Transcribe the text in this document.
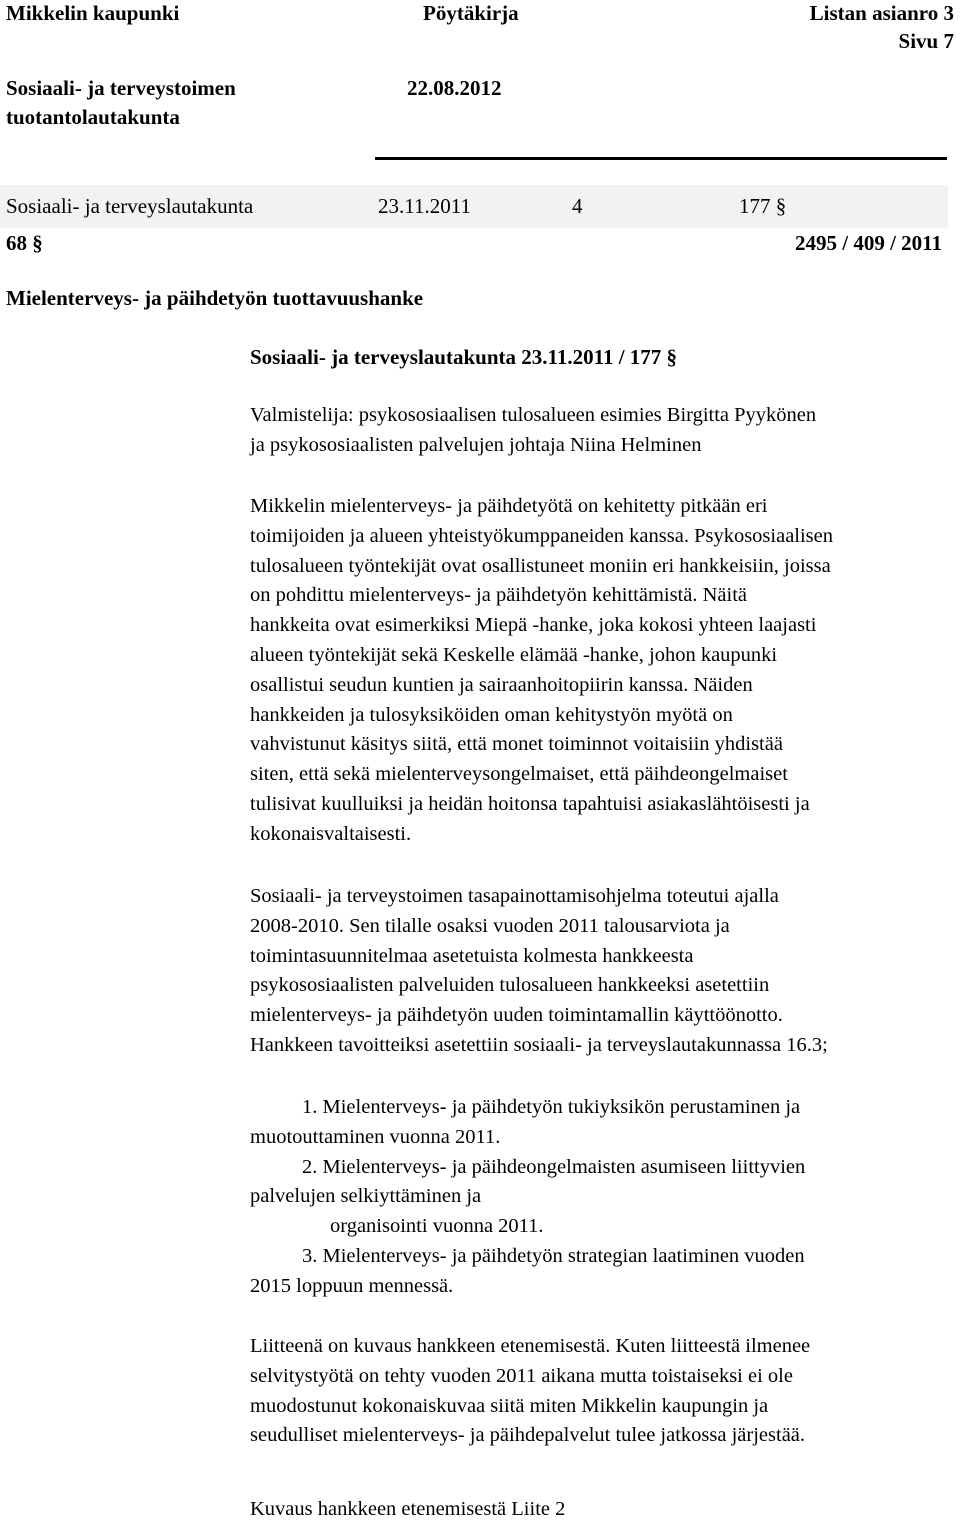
Mikkelin kaupunki	Pöytäkirja	Listan asianro 3
Sivu 7
Sosiaali- ja terveystoimen
tuotantolautakunta
22.08.2012
Sosiaali- ja terveyslautakunta	23.11.2011	4	177 §
68 §	2495 / 409 / 2011
Mielenterveys- ja päihdetyön tuottavuushanke
Sosiaali- ja terveyslautakunta 23.11.2011 / 177 §
Valmistelija: psykososiaalisen tulosalueen esimies Birgitta Pyykönen
ja psykososiaalisten palvelujen johtaja Niina Helminen
Mikkelin mielenterveys- ja päihdetyötä on kehitetty pitkään eri
toimijoiden ja alueen yhteistyökumppaneiden kanssa. Psykososiaalisen
tulosalueen työntekijät ovat osallistuneet moniin eri hankkeisiin, joissa
on pohdittu mielenterveys- ja päihdetyön kehittämistä. Näitä
hankkeita ovat esimerkiksi Miepä -hanke, joka kokosi yhteen laajasti
alueen työntekijät sekä Keskelle elämää -hanke, johon kaupunki
osallistui seudun kuntien ja sairaanhoitopiirin kanssa. Näiden
hankkeiden ja tulosyksiköiden oman kehitystyön myötä on
vahvistunut käsitys siitä, että monet toiminnot voitaisiin yhdistää
siten, että sekä mielenterveysongelmaiset, että päihdeongelmaiset
tulisivat kuulluiksi ja heidän hoitonsa tapahtuisi asiakaslähtöisesti ja
kokonaisvaltaisesti.
Sosiaali- ja terveystoimen tasapainottamisohjelma toteutui ajalla
2008-2010. Sen tilalle osaksi vuoden 2011 talousarviota ja
toimintasuunnitelmaa asetetuista kolmesta hankkeesta
psykososiaalisten palveluiden tulosalueen hankkeeksi asetettiin
mielenterveys- ja päihdetyön uuden toimintamallin käyttöönotto.
Hankkeen tavoitteiksi asetettiin sosiaali- ja terveyslautakunnassa 16.3;
1. Mielenterveys- ja päihdetyön tukiyksikön perustaminen ja
muotouttaminen vuonna 2011.
2. Mielenterveys- ja päihdeongelmaisten asumiseen liittyvien
palvelujen selkiyttäminen ja
organisointi vuonna 2011.
3. Mielenterveys- ja päihdetyön strategian laatiminen vuoden
2015 loppuun mennessä.
Liitteenä on kuvaus hankkeen etenemisestä. Kuten liitteestä ilmenee
selvitystyötä on tehty vuoden 2011 aikana mutta toistaiseksi ei ole
muodostunut kokonaiskuvaa siitä miten Mikkelin kaupungin ja
seudulliset mielenterveys- ja päihdepalvelut tulee jatkossa järjestää.
Kuvaus hankkeen etenemisestä Liite 2
